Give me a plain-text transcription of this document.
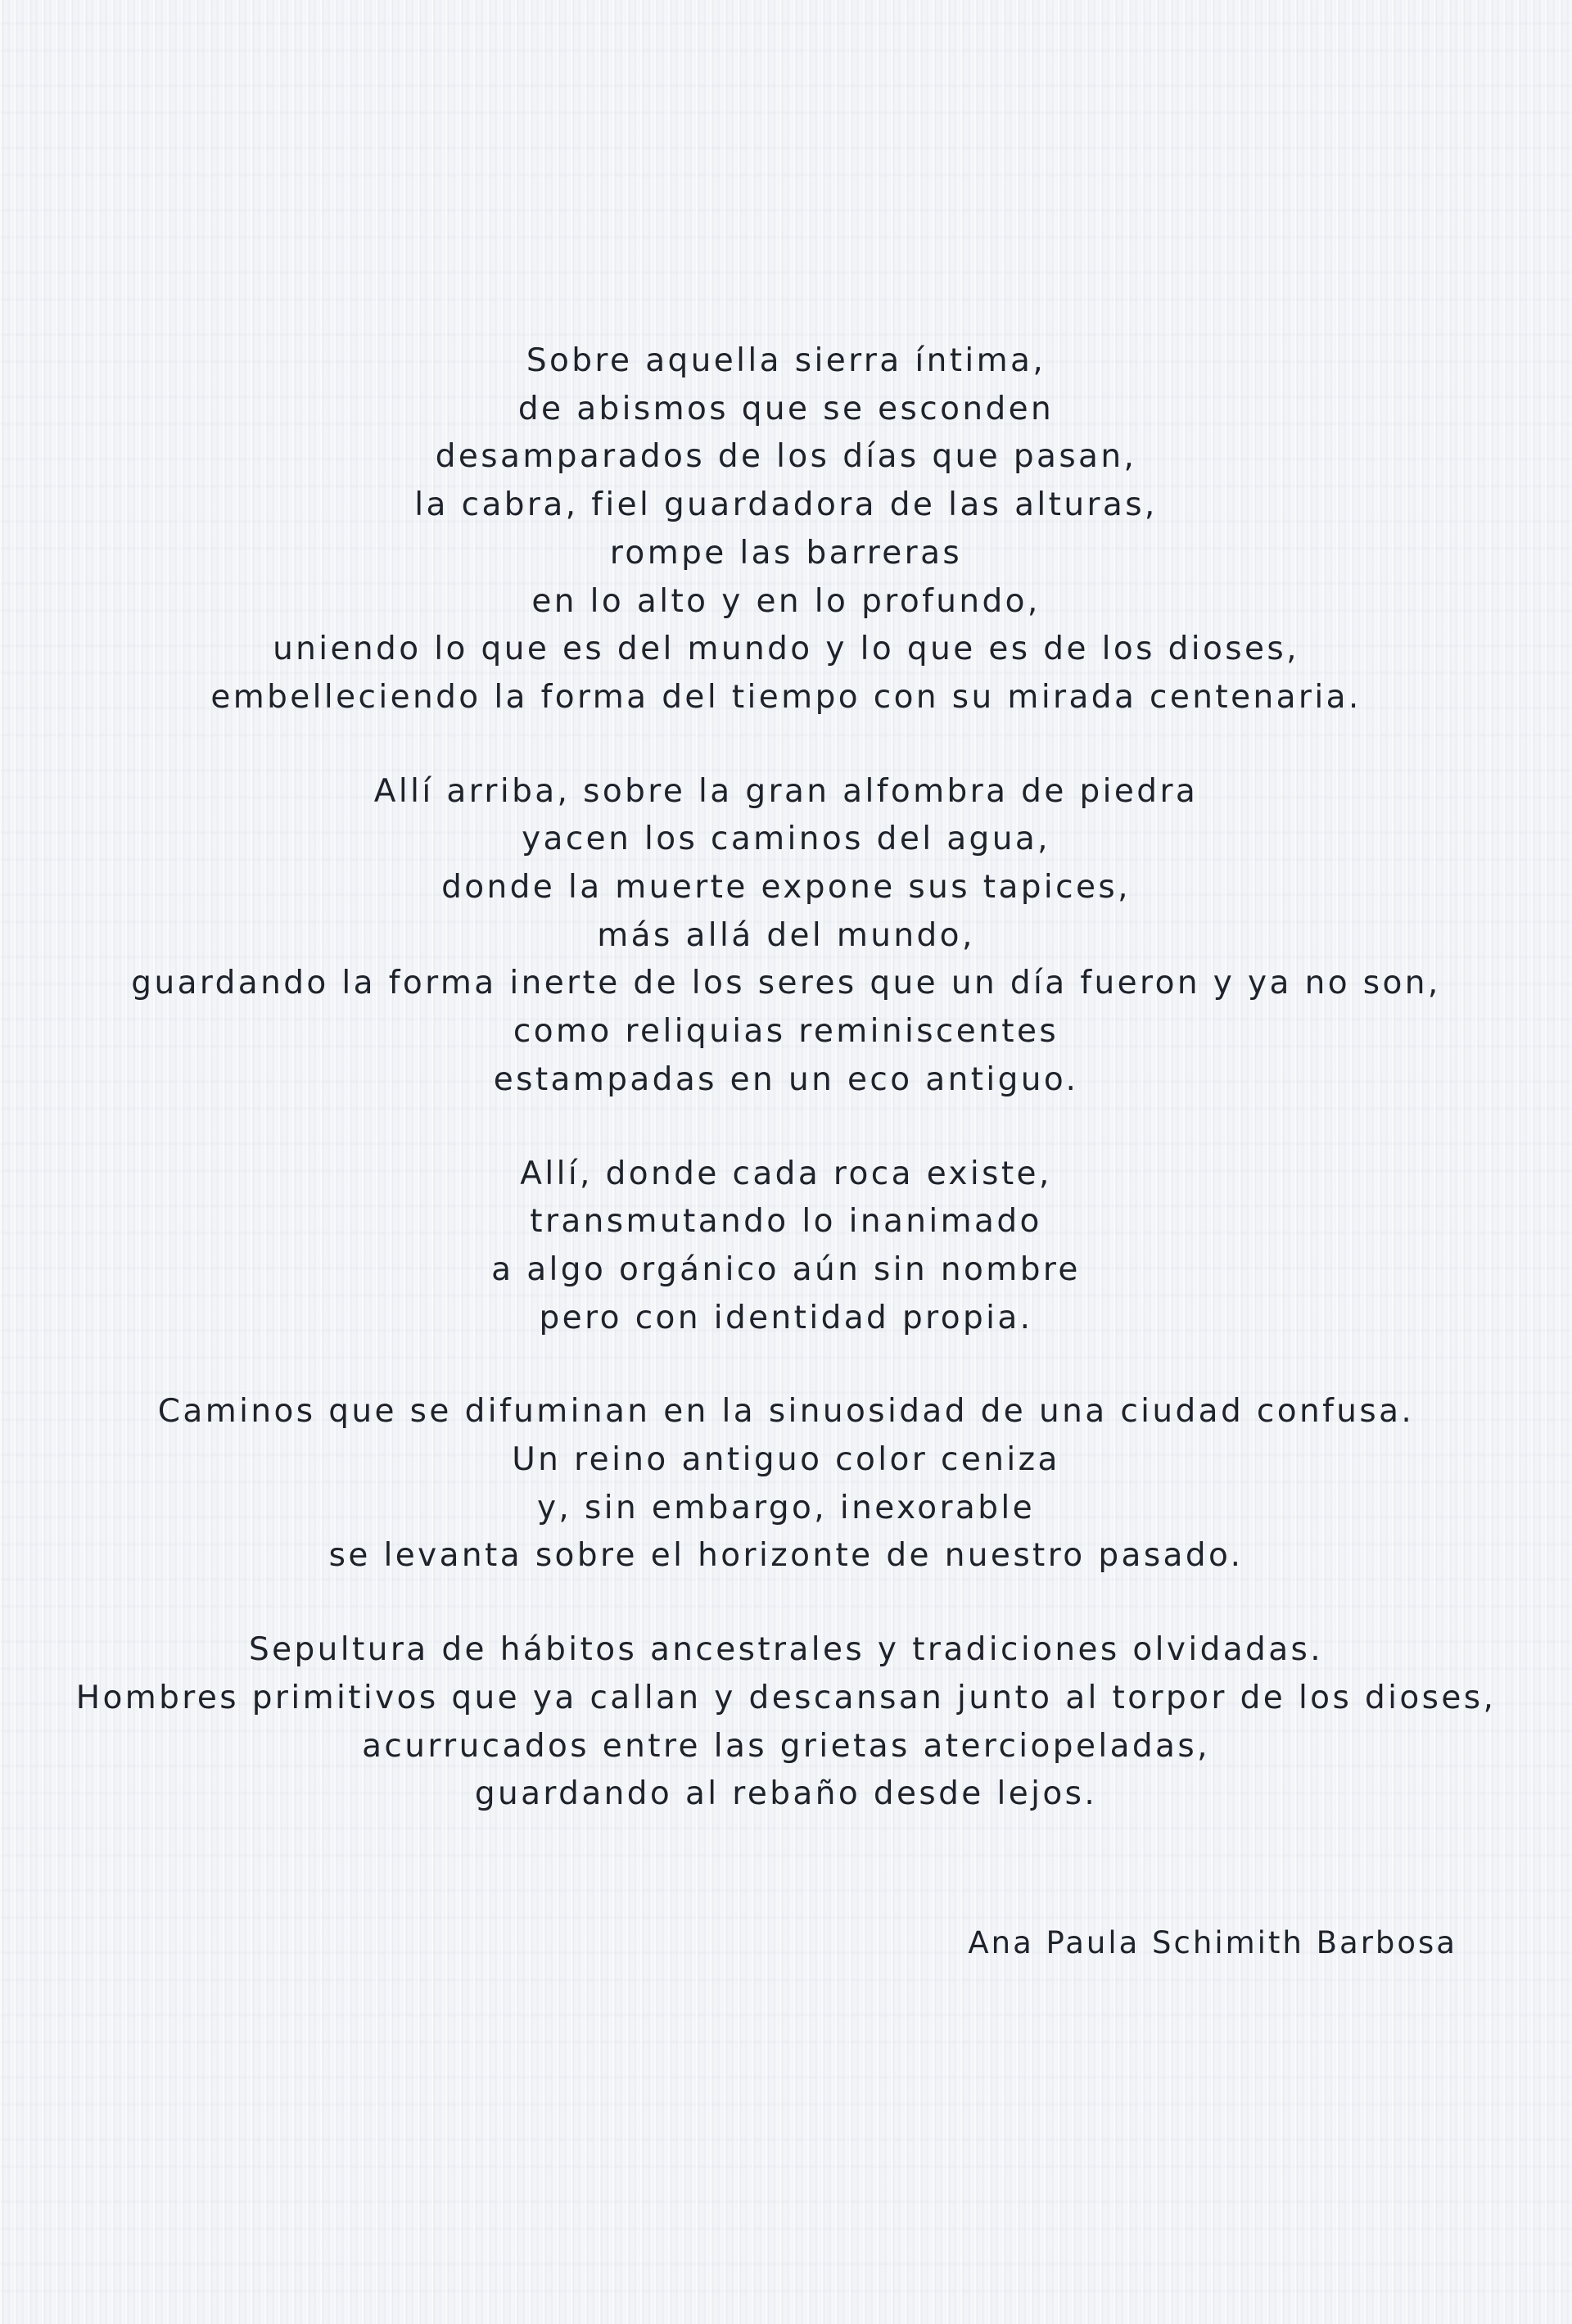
Sobre aquella sierra íntima,
de abismos que se esconden
desamparados de los días que pasan,
la cabra, fiel guardadora de las alturas,
rompe las barreras
en lo alto y en lo profundo,
uniendo lo que es del mundo y lo que es de los dioses,
embelleciendo la forma del tiempo con su mirada centenaria.
Allí arriba, sobre la gran alfombra de piedra
yacen los caminos del agua,
donde la muerte expone sus tapices,
más allá del mundo,
guardando la forma inerte de los seres que un día fueron y ya no son,
como reliquias reminiscentes
estampadas en un eco antiguo.
Allí, donde cada roca existe,
transmutando lo inanimado
a algo orgánico aún sin nombre
pero con identidad propia.
Caminos que se difuminan en la sinuosidad de una ciudad confusa.
Un reino antiguo color ceniza
y, sin embargo, inexorable
se levanta sobre el horizonte de nuestro pasado.
Sepultura de hábitos ancestrales y tradiciones olvidadas.
Hombres primitivos que ya callan y descansan junto al torpor de los dioses,
acurrucados entre las grietas aterciopeladas,
guardando al rebaño desde lejos.
Ana Paula Schimith Barbosa
